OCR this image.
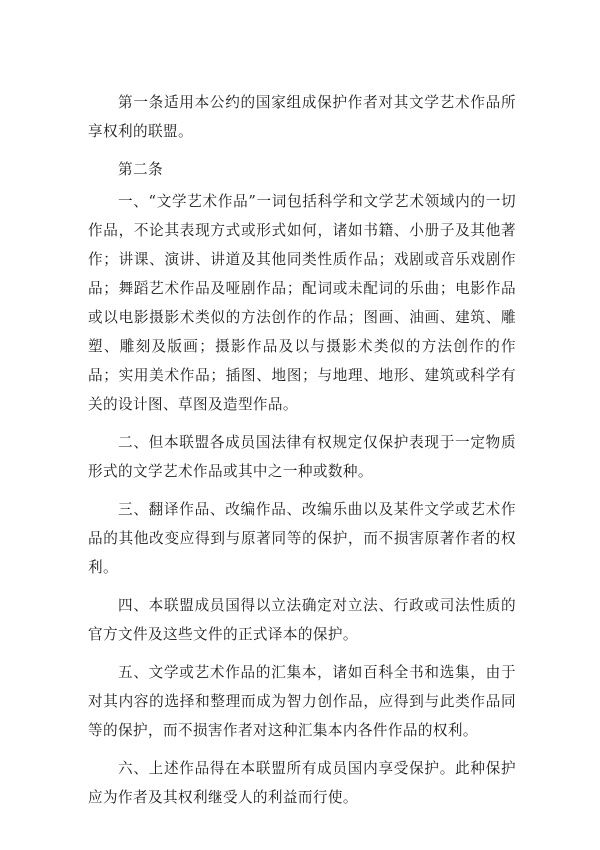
第一条适用本公约的国家组成保护作者对其文学艺术作品所享权利的联盟。

第二条

一、“文学艺术作品”一词包括科学和文学艺术领域内的一切作品，不论其表现方式或形式如何，诸如书籍、小册子及其他著作；讲课、演讲、讲道及其他同类性质作品；戏剧或音乐戏剧作品；舞蹈艺术作品及哑剧作品；配词或未配词的乐曲；电影作品或以电影摄影术类似的方法创作的作品；图画、油画、建筑、雕塑、雕刻及版画；摄影作品及以与摄影术类似的方法创作的作品；实用美术作品；插图、地图；与地理、地形、建筑或科学有关的设计图、草图及造型作品。

二、但本联盟各成员国法律有权规定仅保护表现于一定物质形式的文学艺术作品或其中之一种或数种。

三、翻译作品、改编作品、改编乐曲以及某件文学或艺术作品的其他改变应得到与原著同等的保护，而不损害原著作者的权利。

四、本联盟成员国得以立法确定对立法、行政或司法性质的官方文件及这些文件的正式译本的保护。

五、文学或艺术作品的汇集本，诸如百科全书和选集，由于对其内容的选择和整理而成为智力创作品，应得到与此类作品同等的保护，而不损害作者对这种汇集本内各件作品的权利。

六、上述作品得在本联盟所有成员国内享受保护。此种保护应为作者及其权利继受人的利益而行使。
